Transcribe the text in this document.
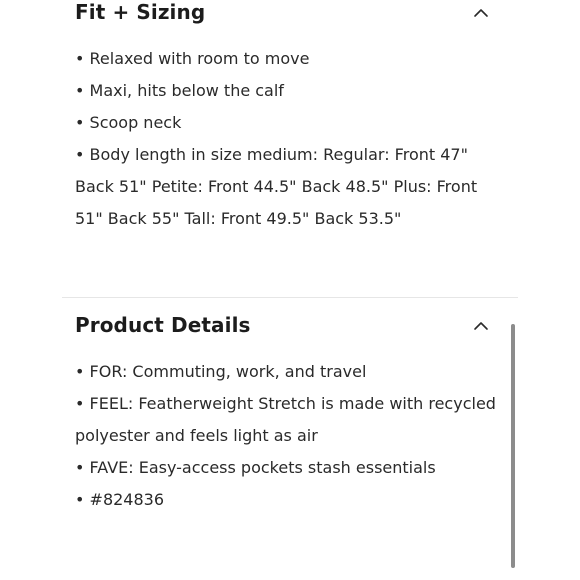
Fit + Sizing
• Relaxed with room to move
• Maxi, hits below the calf
• Scoop neck
• Body length in size medium: Regular: Front 47" Back 51" Petite: Front 44.5" Back 48.5" Plus: Front 51" Back 55" Tall: Front 49.5" Back 53.5"
Product Details
• FOR: Commuting, work, and travel
• FEEL: Featherweight Stretch is made with recycled polyester and feels light as air
• FAVE: Easy-access pockets stash essentials
• #824836
